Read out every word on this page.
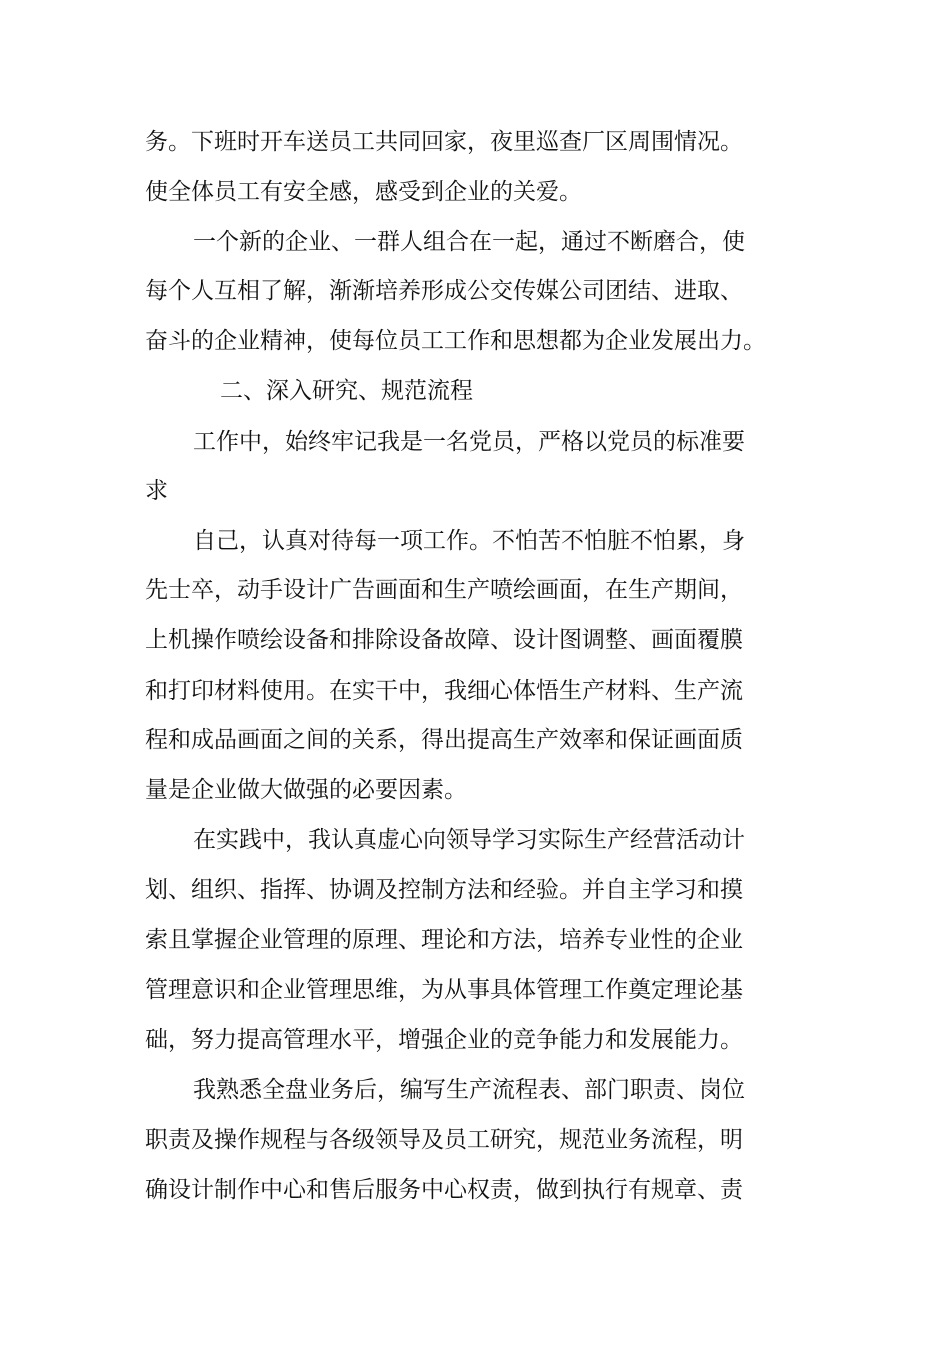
务。下班时开车送员工共同回家，夜里巡查厂区周围情况。
使全体员工有安全感，感受到企业的关爱。
一个新的企业、一群人组合在一起，通过不断磨合，使
每个人互相了解，渐渐培养形成公交传媒公司团结、进取、
奋斗的企业精神，使每位员工工作和思想都为企业发展出力。
二、深入研究、规范流程
工作中，始终牢记我是一名党员，严格以党员的标准要
求
自己，认真对待每一项工作。不怕苦不怕脏不怕累，身
先士卒，动手设计广告画面和生产喷绘画面，在生产期间，
上机操作喷绘设备和排除设备故障、设计图调整、画面覆膜
和打印材料使用。在实干中，我细心体悟生产材料、生产流
程和成品画面之间的关系，得出提高生产效率和保证画面质
量是企业做大做强的必要因素。
在实践中，我认真虚心向领导学习实际生产经营活动计
划、组织、指挥、协调及控制方法和经验。并自主学习和摸
索且掌握企业管理的原理、理论和方法，培养专业性的企业
管理意识和企业管理思维，为从事具体管理工作奠定理论基
础，努力提高管理水平，增强企业的竞争能力和发展能力。
我熟悉全盘业务后，编写生产流程表、部门职责、岗位
职责及操作规程与各级领导及员工研究，规范业务流程，明
确设计制作中心和售后服务中心权责，做到执行有规章、责
